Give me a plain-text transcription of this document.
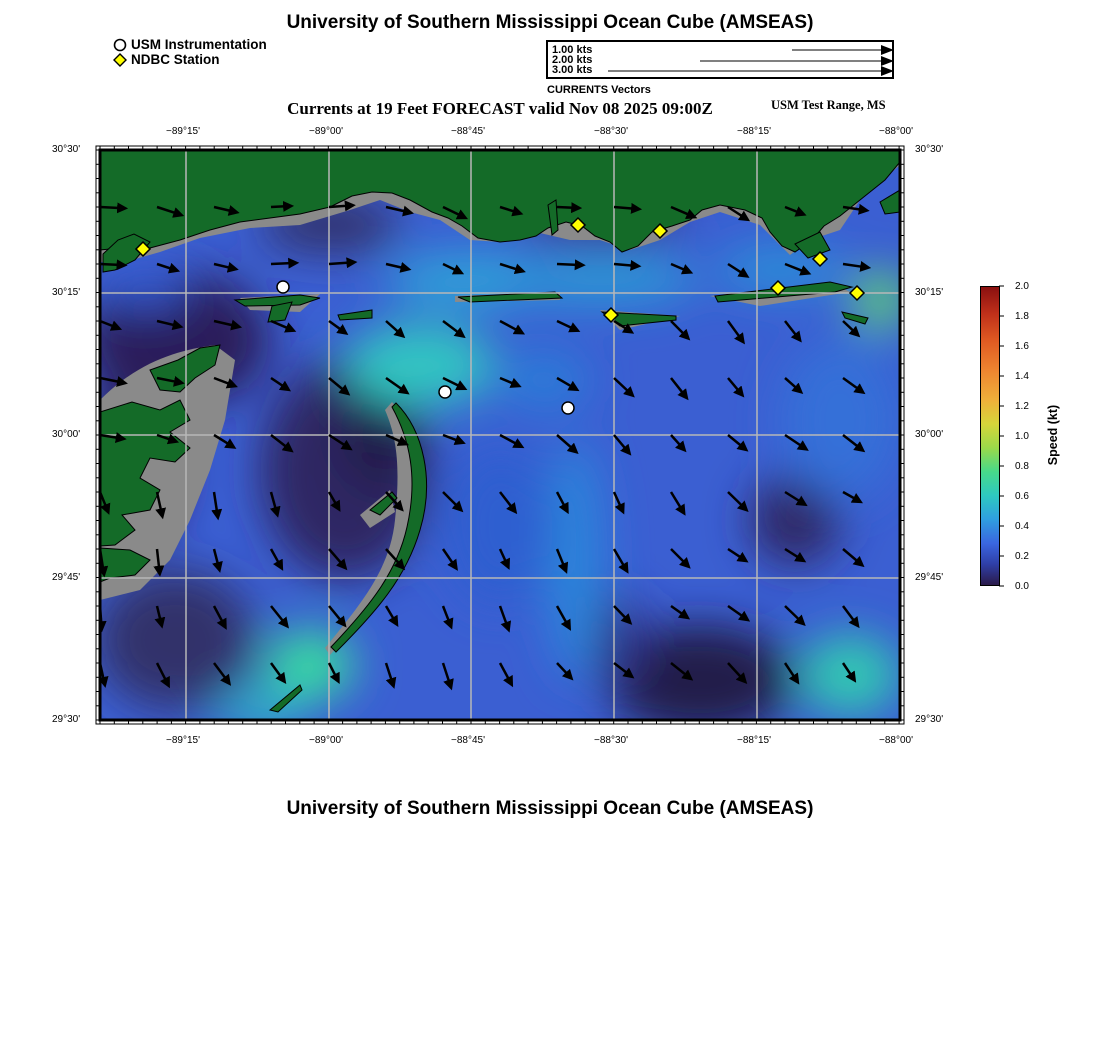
University of Southern Mississippi Ocean Cube (AMSEAS)
USM Instrumentation
NDBC Station
1.00 kts
2.00 kts
3.00 kts
CURRENTS Vectors
Currents at 19 Feet FORECAST valid Nov 08 2025 09:00Z	USM Test Range, MS
−89°15'	−89°00'	−88°45'	−88°30'	−88°15'	−88°00'
−89°15'	−89°00'	−88°45'	−88°30'	−88°15'	−88°00'
30°30'
30°15'
30°00'
29°45'
29°30'
30°30'
30°15'
30°00'
29°45'
29°30'
2.0
1.8
1.6
1.4
1.2
1.0
0.8
0.6
0.4
0.2
0.0
Speed (kt)
University of Southern Mississippi Ocean Cube (AMSEAS)
